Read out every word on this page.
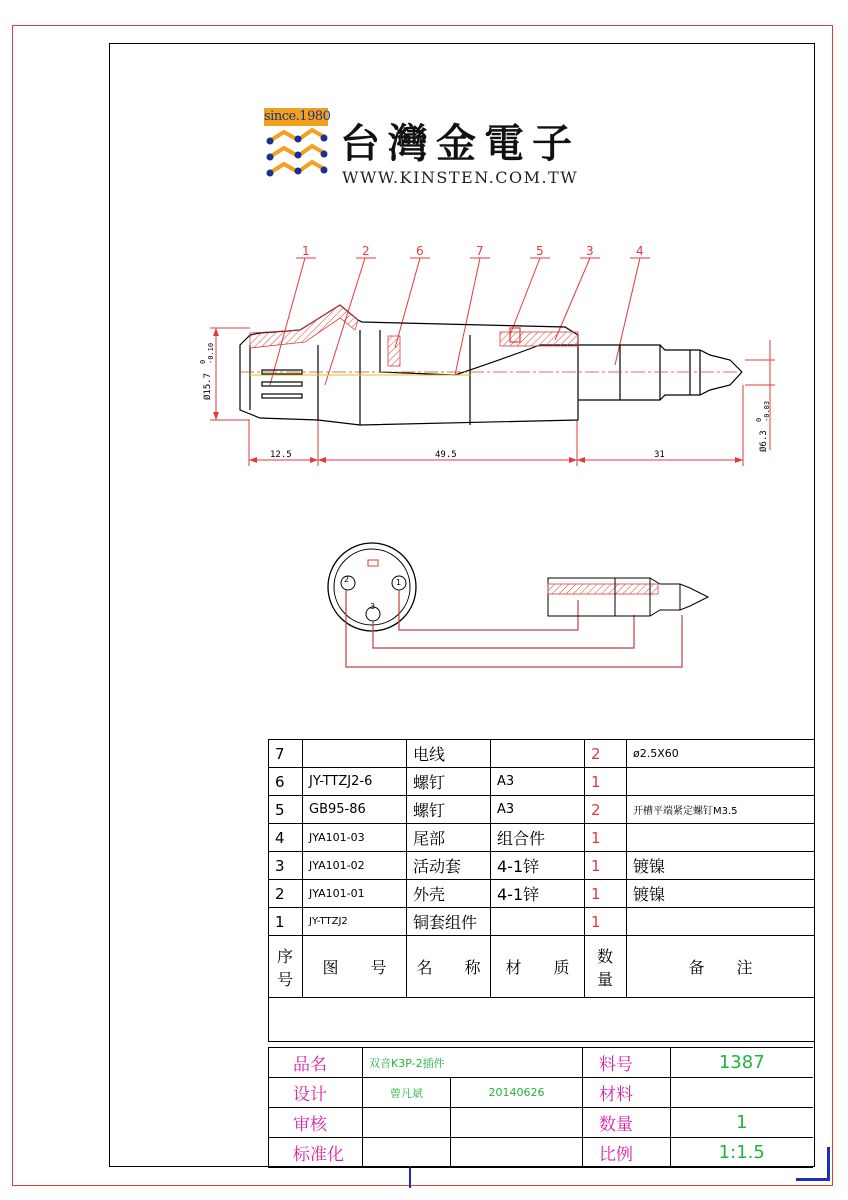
since.1980
台灣金電子
WWW.KINSTEN.COM.TW
1	2	6	7	5	3	4
12.5	49.5	31
Ø15.7
0 -0.10
Ø6.3
0 -0.03
2	1
3
7		电线		2	ø2.5X60
6	JY-TTZJ2-6	螺钉	A3	1	
5	GB95-86	螺钉	A3	2	开槽平端紧定螺钉M3.5
4	JYA101-03	尾部	组合件	1	
3	JYA101-02	活动套	4-1锌	1	镀镍
2	JYA101-01	外壳	4-1锌	1	镀镍
1	JY-TTZJ2	铜套组件		1	
序号	图　　号	名　　称	材　　质	数量	备　　注

品名	双音K3P-2插件		料号	1387
设计	曾凡斌	20140626	材料	
审核			数量	1
标准化			比例	1:1.5
